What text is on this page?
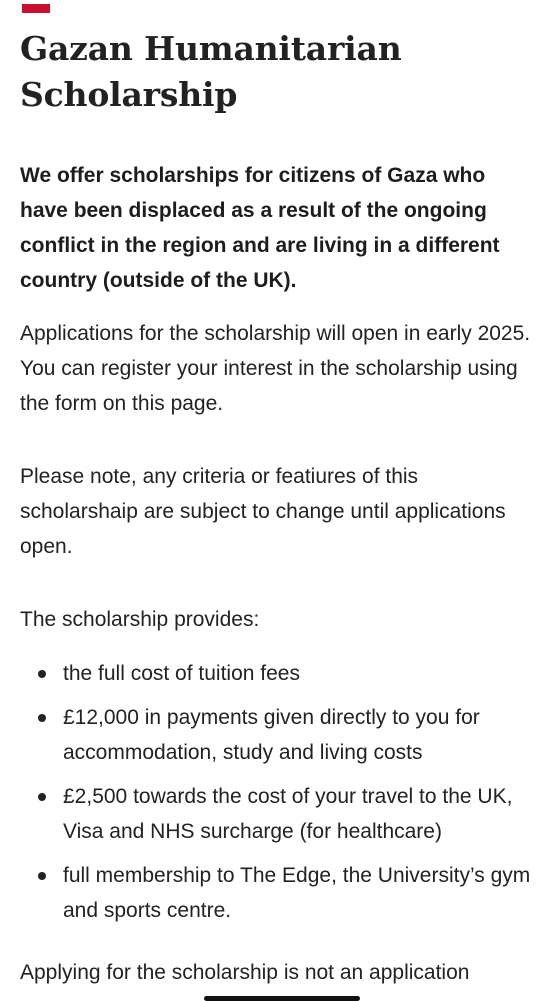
Gazan Humanitarian Scholarship

We offer scholarships for citizens of Gaza who have been displaced as a result of the ongoing conflict in the region and are living in a different country (outside of the UK).

Applications for the scholarship will open in early 2025. You can register your interest in the scholarship using the form on this page.

Please note, any criteria or featiures of this scholarshaip are subject to change until applications open.

The scholarship provides:

the full cost of tuition fees
£12,000 in payments given directly to you for accommodation, study and living costs
£2,500 towards the cost of your travel to the UK, Visa and NHS surcharge (for healthcare)
full membership to The Edge, the University’s gym and sports centre.

Applying for the scholarship is not an application
